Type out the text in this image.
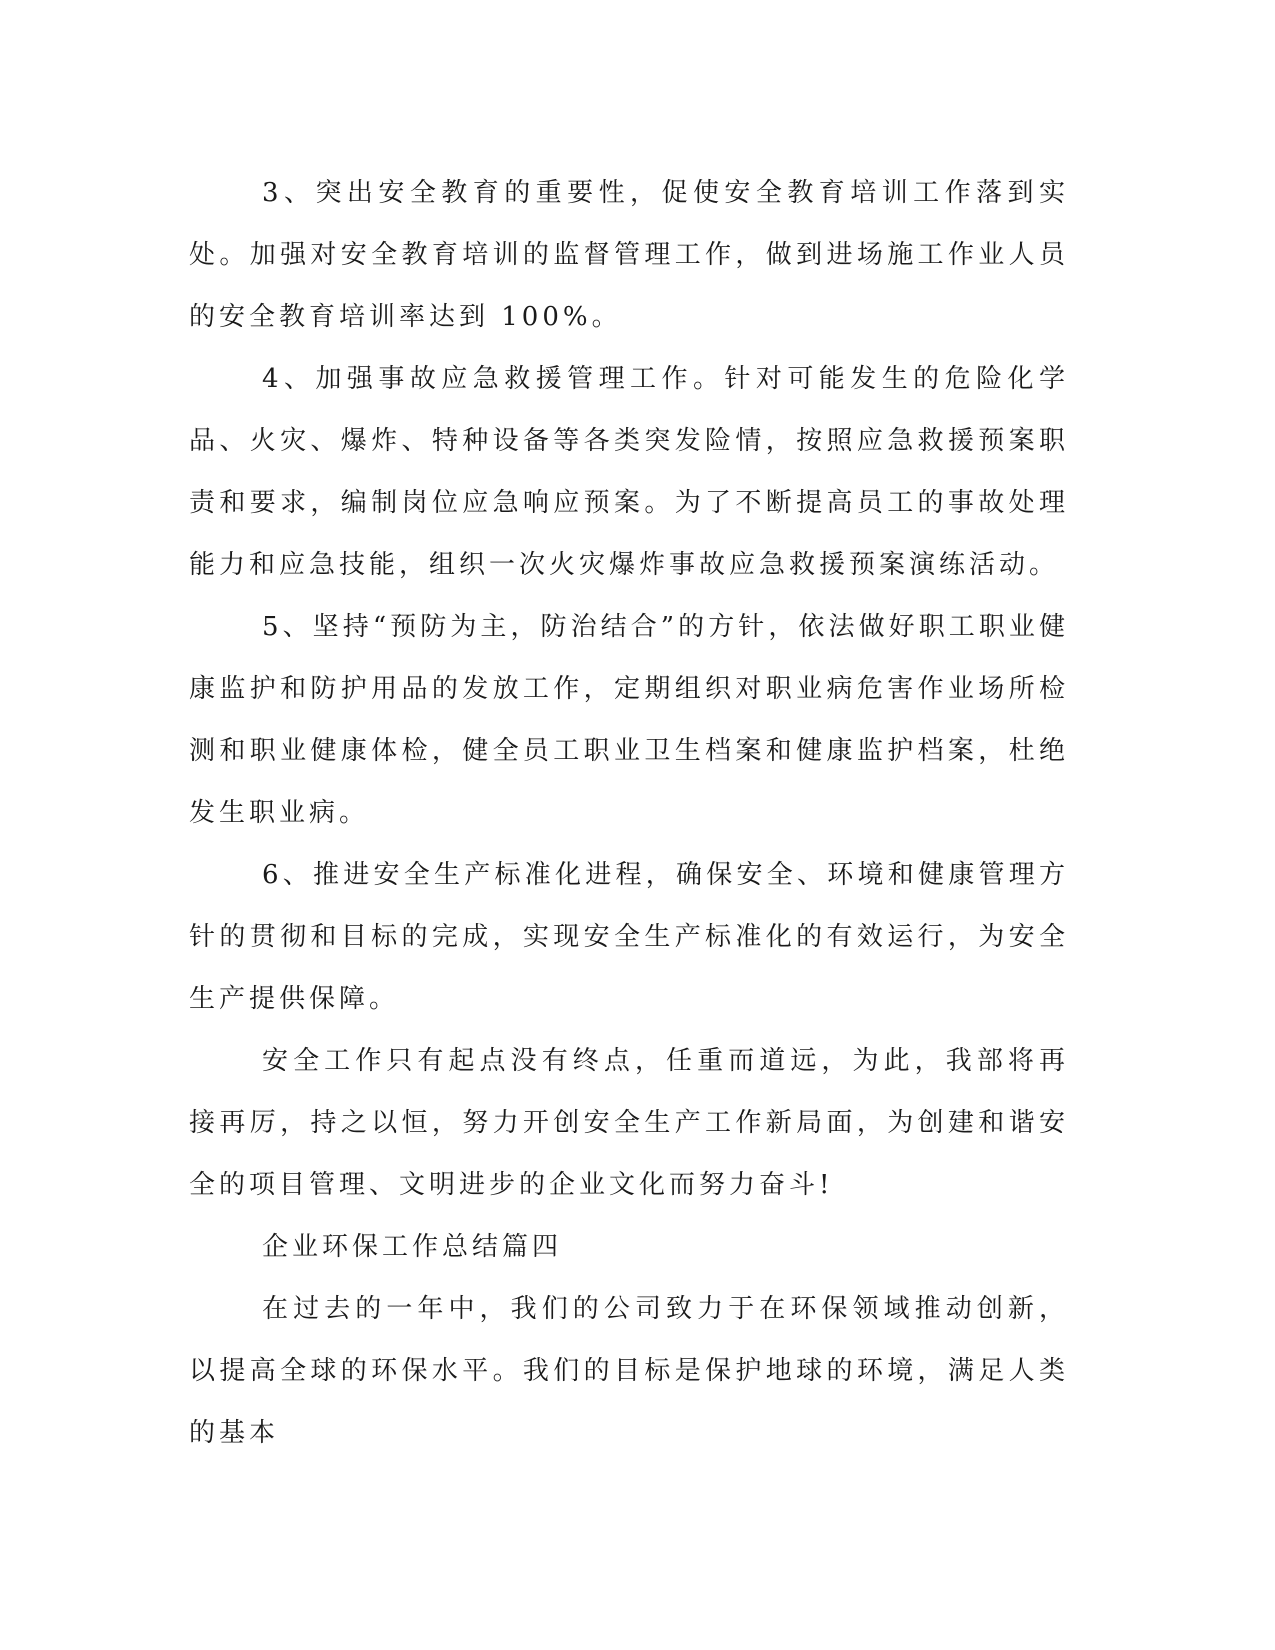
3、突出安全教育的重要性，促使安全教育培训工作落到实处。加强对安全教育培训的监督管理工作，做到进场施工作业人员的安全教育培训率达到 100%。

4、加强事故应急救援管理工作。针对可能发生的危险化学品、火灾、爆炸、特种设备等各类突发险情，按照应急救援预案职责和要求，编制岗位应急响应预案。为了不断提高员工的事故处理能力和应急技能，组织一次火灾爆炸事故应急救援预案演练活动。

5、坚持“预防为主，防治结合”的方针，依法做好职工职业健康监护和防护用品的发放工作，定期组织对职业病危害作业场所检测和职业健康体检，健全员工职业卫生档案和健康监护档案，杜绝发生职业病。

6、推进安全生产标准化进程，确保安全、环境和健康管理方针的贯彻和目标的完成，实现安全生产标准化的有效运行，为安全生产提供保障。

安全工作只有起点没有终点，任重而道远，为此，我部将再接再厉，持之以恒，努力开创安全生产工作新局面，为创建和谐安全的项目管理、文明进步的企业文化而努力奋斗!

企业环保工作总结篇四

在过去的一年中，我们的公司致力于在环保领域推动创新，以提高全球的环保水平。我们的目标是保护地球的环境，满足人类的基本
